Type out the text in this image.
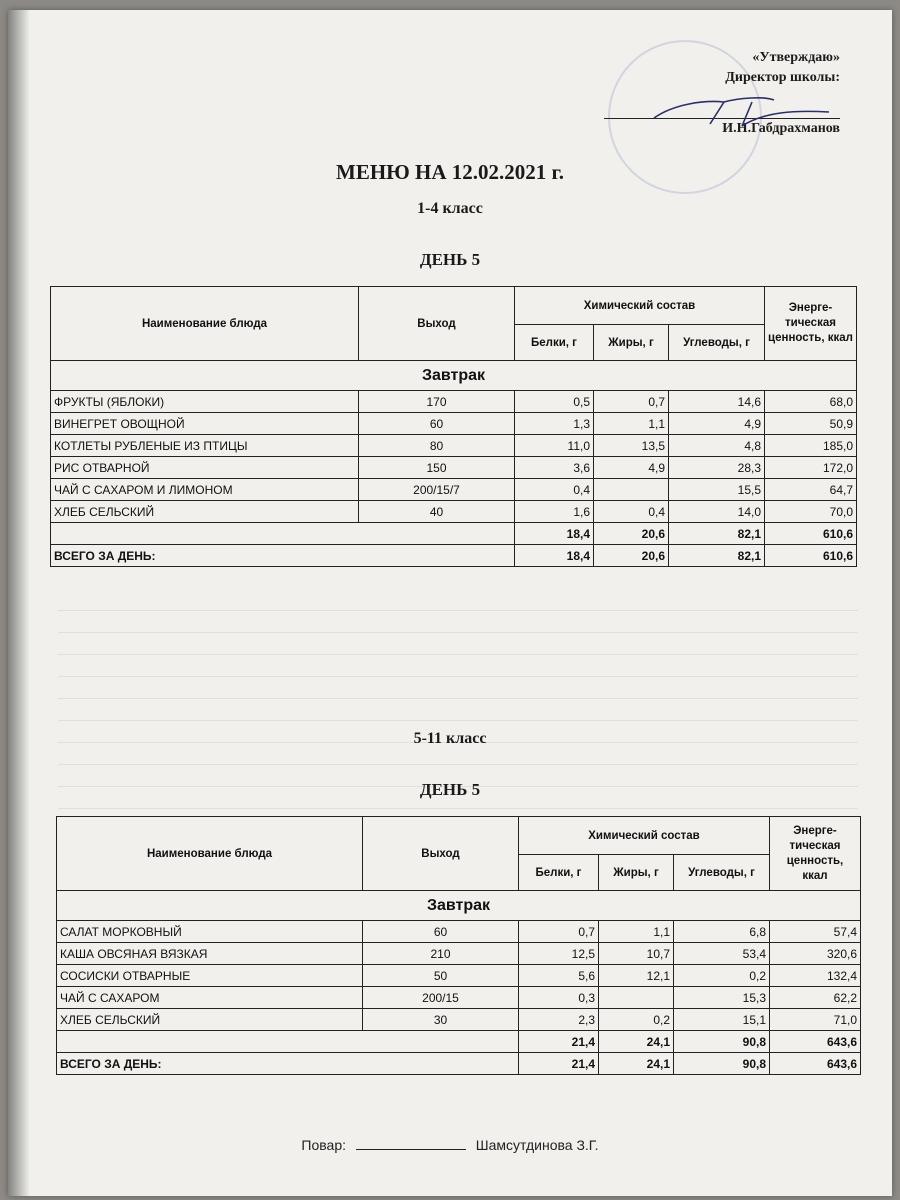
«Утверждаю»
Директор школы:
И.Н.Габдрахманов
МЕНЮ НА 12.02.2021 г.
1-4 класс
ДЕНЬ 5
Наименование блюда	Выход	Химический состав			Энерге-тическая ценность, ккал
		Белки, г	Жиры, г	Углеводы, г	
Завтрак					
ФРУКТЫ (ЯБЛОКИ)	170	0,5	0,7	14,6	68,0
ВИНЕГРЕТ ОВОЩНОЙ	60	1,3	1,1	4,9	50,9
КОТЛЕТЫ РУБЛЕНЫЕ ИЗ ПТИЦЫ	80	11,0	13,5	4,8	185,0
РИС ОТВАРНОЙ	150	3,6	4,9	28,3	172,0
ЧАЙ С САХАРОМ И ЛИМОНОМ	200/15/7	0,4		15,5	64,7
ХЛЕБ СЕЛЬСКИЙ	40	1,6	0,4	14,0	70,0
		18,4	20,6	82,1	610,6
ВСЕГО ЗА ДЕНЬ:		18,4	20,6	82,1	610,6
5-11 класс
ДЕНЬ 5
Наименование блюда	Выход	Химический состав			Энерге-тическая ценность, ккал
		Белки, г	Жиры, г	Углеводы, г	
Завтрак					
САЛАТ МОРКОВНЫЙ	60	0,7	1,1	6,8	57,4
КАША ОВСЯНАЯ ВЯЗКАЯ	210	12,5	10,7	53,4	320,6
СОСИСКИ ОТВАРНЫЕ	50	5,6	12,1	0,2	132,4
ЧАЙ С САХАРОМ	200/15	0,3		15,3	62,2
ХЛЕБ СЕЛЬСКИЙ	30	2,3	0,2	15,1	71,0
		21,4	24,1	90,8	643,6
ВСЕГО ЗА ДЕНЬ:		21,4	24,1	90,8	643,6
Повар:	Шамсутдинова З.Г.
